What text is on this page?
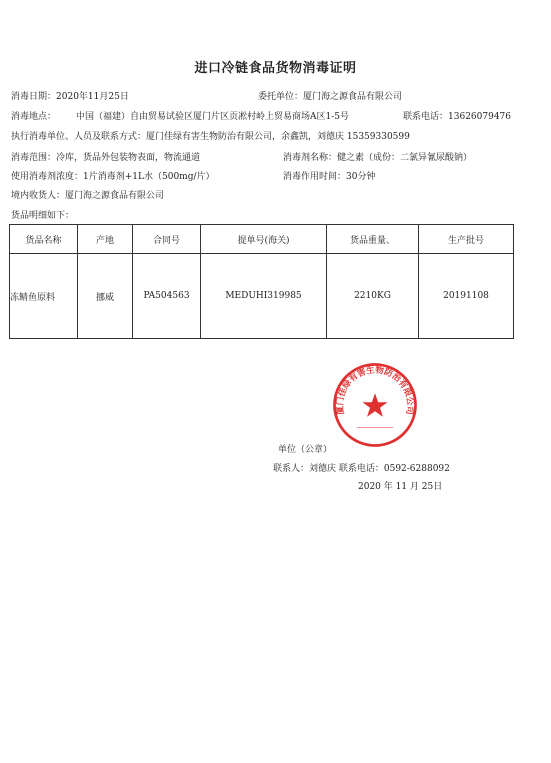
进口冷链食品货物消毒证明
消毒日期：2020年11月25日	委托单位：厦门海之源食品有限公司
消毒地点： 中国（福建）自由贸易试验区厦门片区贡凇村岭上贸易商场A区1-5号	联系电话：13626079476
执行消毒单位、人员及联系方式：厦门佳绿有害生物防治有限公司，余鑫凯，刘德庆 15359330599
消毒范围：冷库，货品外包装物表面，物流通道	消毒剂名称：健之素（成份：二氯异氰尿酸钠）
使用消毒剂浓度：1片消毒剂+1L水（500mg/片）	消毒作用时间：30分钟
境内收货人：厦门海之源食品有限公司
货品明细如下：
货品名称	产地	合同号	提单号(海关)	货品重量、	生产批号
冻鲭鱼原料	挪威	PA504563	MEDUHI319985	2210KG	20191108
厦门佳绿有害生物防治有限公司
单位（公章）
联系人：刘德庆 联系电话：0592-6288092
2020 年 11 月 25日
